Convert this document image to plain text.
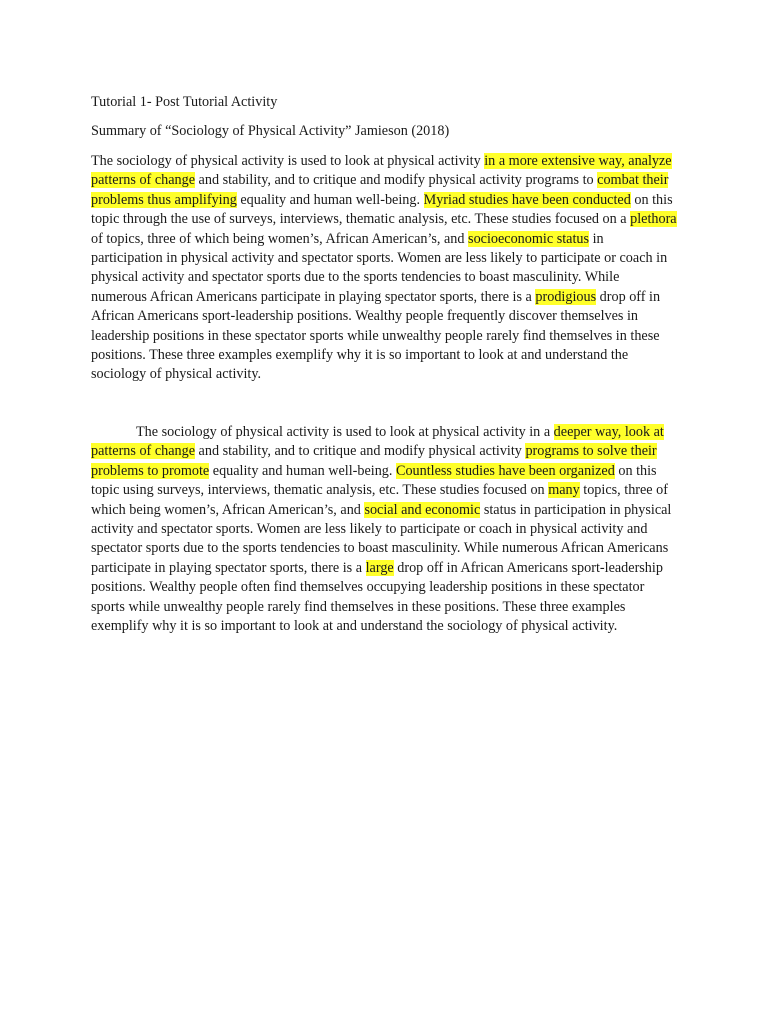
Tutorial 1- Post Tutorial Activity

Summary of “Sociology of Physical Activity” Jamieson (2018)

The sociology of physical activity is used to look at physical activity in a more extensive way, analyze patterns of change and stability, and to critique and modify physical activity programs to combat their problems thus amplifying equality and human well-being. Myriad studies have been conducted on this topic through the use of surveys, interviews, thematic analysis, etc. These studies focused on a plethora of topics, three of which being women’s, African American’s, and socioeconomic status in participation in physical activity and spectator sports. Women are less likely to participate or coach in physical activity and spectator sports due to the sports tendencies to boast masculinity. While numerous African Americans participate in playing spectator sports, there is a prodigious drop off in African Americans sport-leadership positions. Wealthy people frequently discover themselves in leadership positions in these spectator sports while unwealthy people rarely find themselves in these positions. These three examples exemplify why it is so important to look at and understand the sociology of physical activity.

The sociology of physical activity is used to look at physical activity in a deeper way, look at patterns of change and stability, and to critique and modify physical activity programs to solve their problems to promote equality and human well-being. Countless studies have been organized on this topic using surveys, interviews, thematic analysis, etc. These studies focused on many topics, three of which being women’s, African American’s, and social and economic status in participation in physical activity and spectator sports. Women are less likely to participate or coach in physical activity and spectator sports due to the sports tendencies to boast masculinity. While numerous African Americans participate in playing spectator sports, there is a large drop off in African Americans sport-leadership positions. Wealthy people often find themselves occupying leadership positions in these spectator sports while unwealthy people rarely find themselves in these positions. These three examples exemplify why it is so important to look at and understand the sociology of physical activity.
